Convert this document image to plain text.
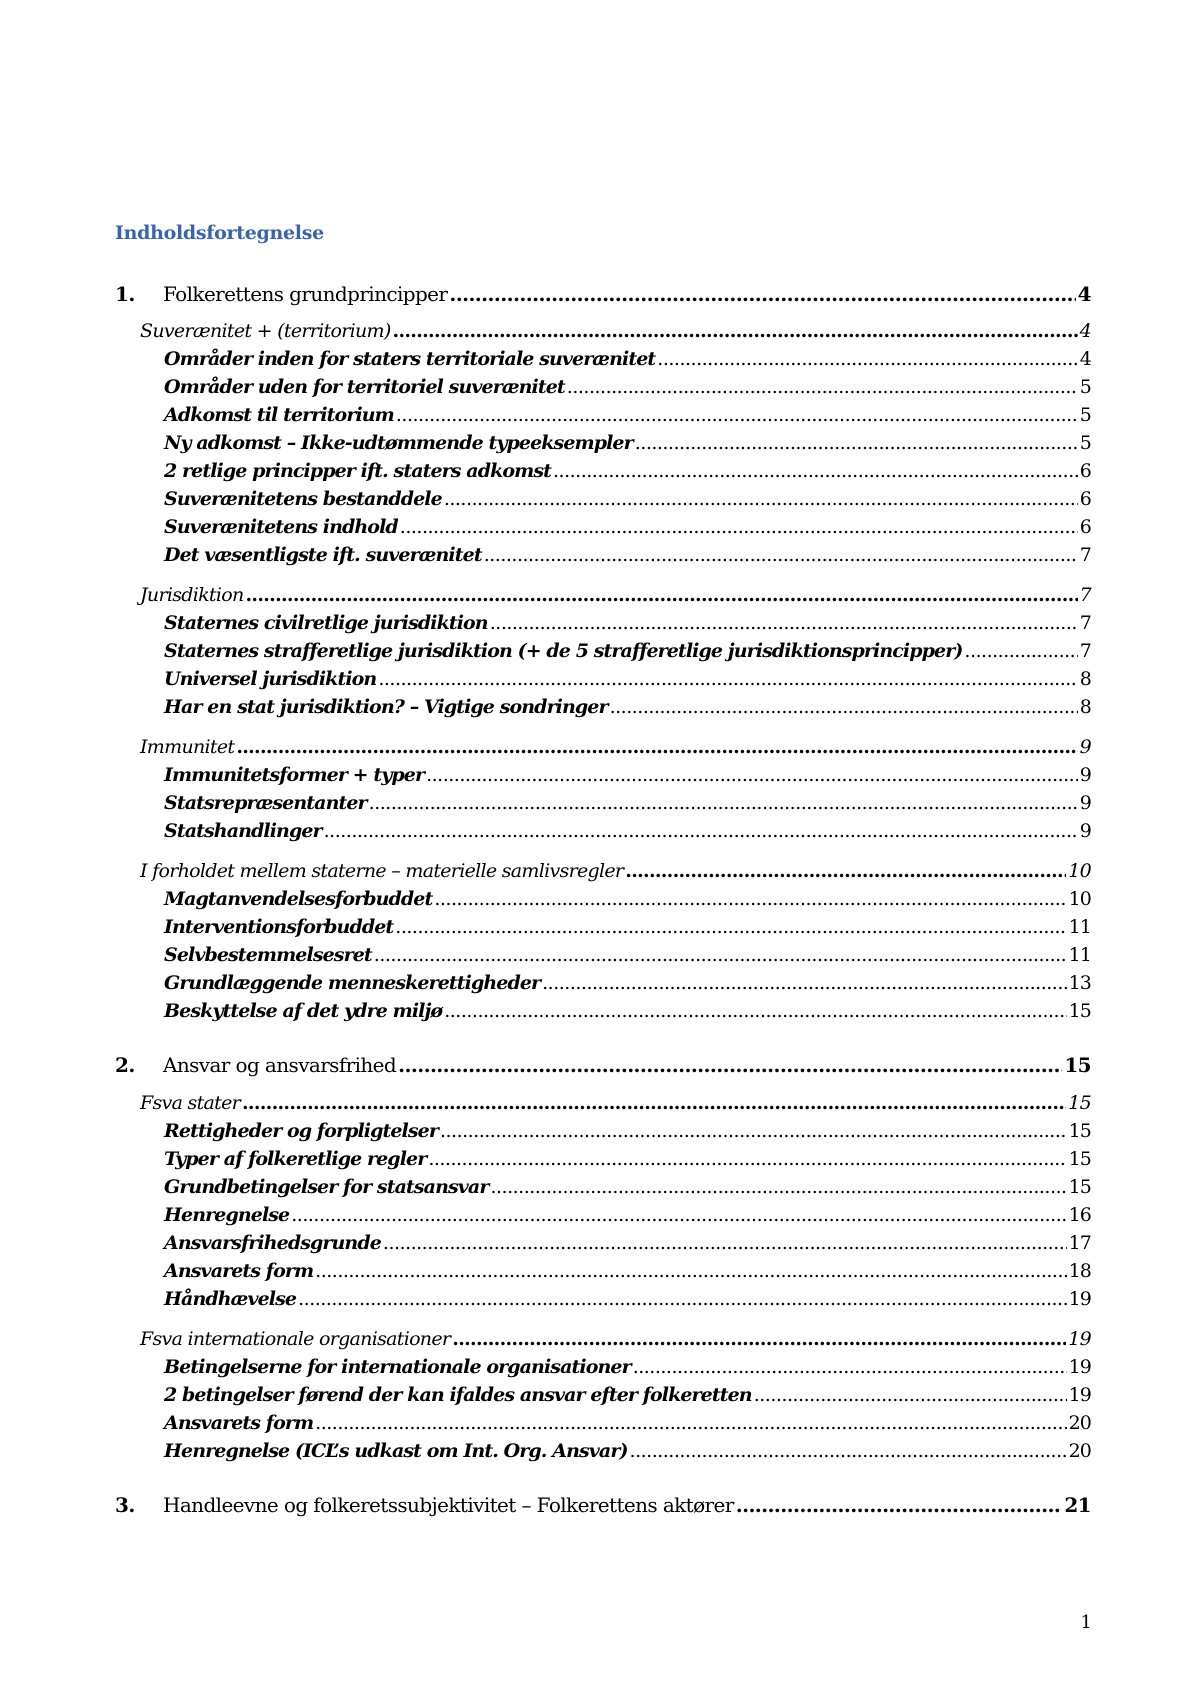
Indholdsfortegnelse
1.	Folkerettens grundprincipper .....	4
Suverænitet + (territorium) .....	4
Områder inden for staters territoriale suverænitet .....	4
Områder uden for territoriel suverænitet .....	5
Adkomst til territorium .....	5
Ny adkomst – Ikke-udtømmende typeeksempler .....	5
2 retlige principper ift. staters adkomst .....	6
Suverænitetens bestanddele .....	6
Suverænitetens indhold .....	6
Det væsentligste ift. suverænitet .....	7
Jurisdiktion .....	7
Staternes civilretlige jurisdiktion .....	7
Staternes strafferetlige jurisdiktion (+ de 5 strafferetlige jurisdiktionsprincipper) .....	7
Universel jurisdiktion .....	8
Har en stat jurisdiktion? – Vigtige sondringer .....	8
Immunitet .....	9
Immunitetsformer + typer .....	9
Statsrepræsentanter .....	9
Statshandlinger .....	9
I forholdet mellem staterne – materielle samlivsregler .....	10
Magtanvendelsesforbuddet .....	10
Interventionsforbuddet .....	11
Selvbestemmelsesret .....	11
Grundlæggende menneskerettigheder .....	13
Beskyttelse af det ydre miljø .....	15
2.	Ansvar og ansvarsfrihed .....	15
Fsva stater .....	15
Rettigheder og forpligtelser .....	15
Typer af folkeretlige regler .....	15
Grundbetingelser for statsansvar .....	15
Henregnelse .....	16
Ansvarsfrihedsgrunde .....	17
Ansvarets form .....	18
Håndhævelse .....	19
Fsva internationale organisationer .....	19
Betingelserne for internationale organisationer .....	19
2 betingelser førend der kan ifaldes ansvar efter folkeretten .....	19
Ansvarets form .....	20
Henregnelse (ICL’s udkast om Int. Org. Ansvar) .....	20
3.	Handleevne og folkeretssubjektivitet – Folkerettens aktører .....	21
1
